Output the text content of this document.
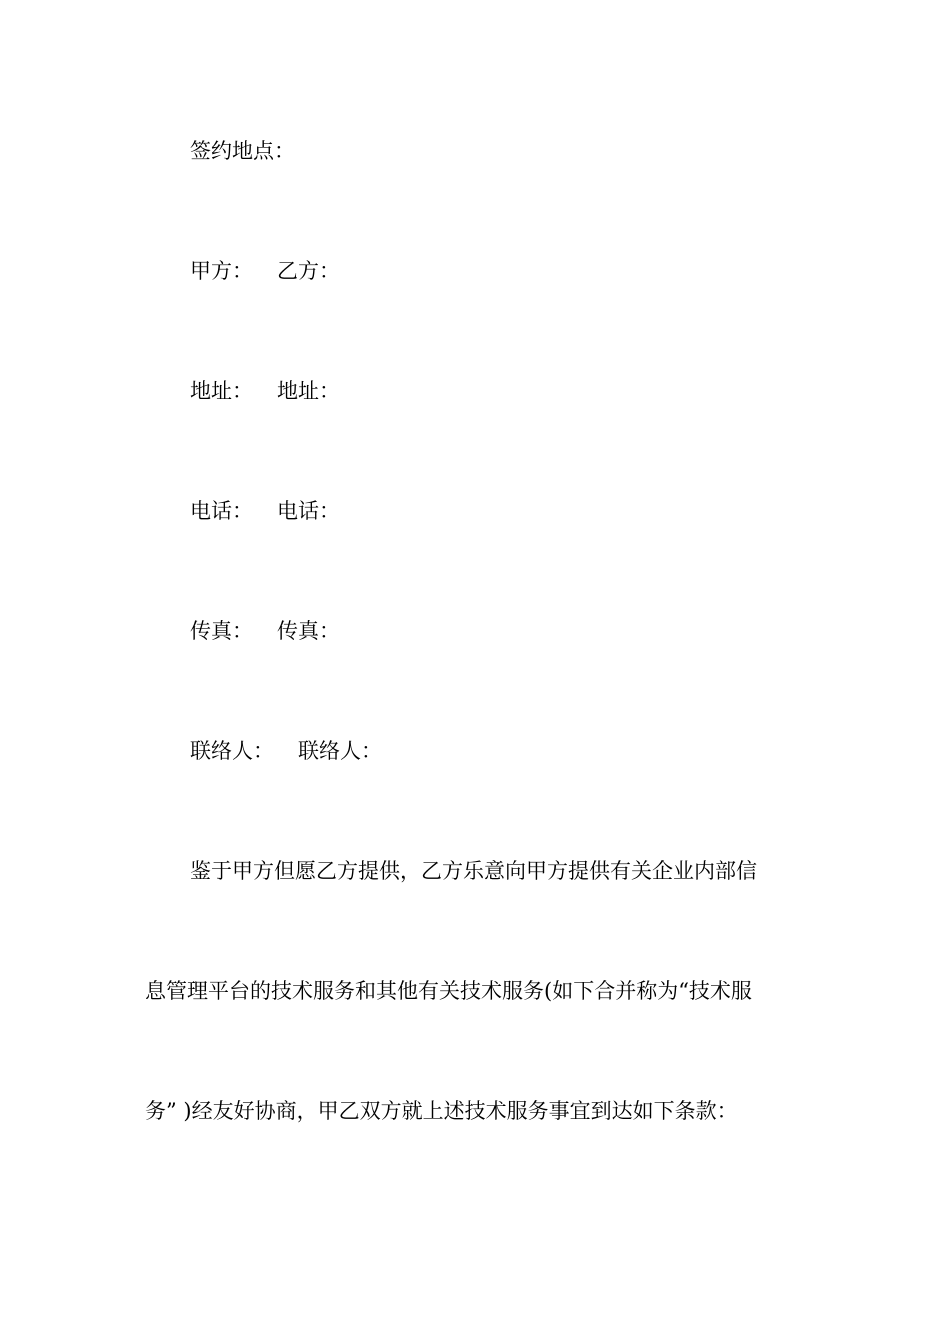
签约地点：
甲方： 乙方：
地址： 地址：
电话： 电话：
传真： 传真：
联络人： 联络人：
鉴于甲方但愿乙方提供，乙方乐意向甲方提供有关企业内部信
息管理平台的技术服务和其他有关技术服务(如下合并称为“技术服
务” )经友好协商，甲乙双方就上述技术服务事宜到达如下条款：
